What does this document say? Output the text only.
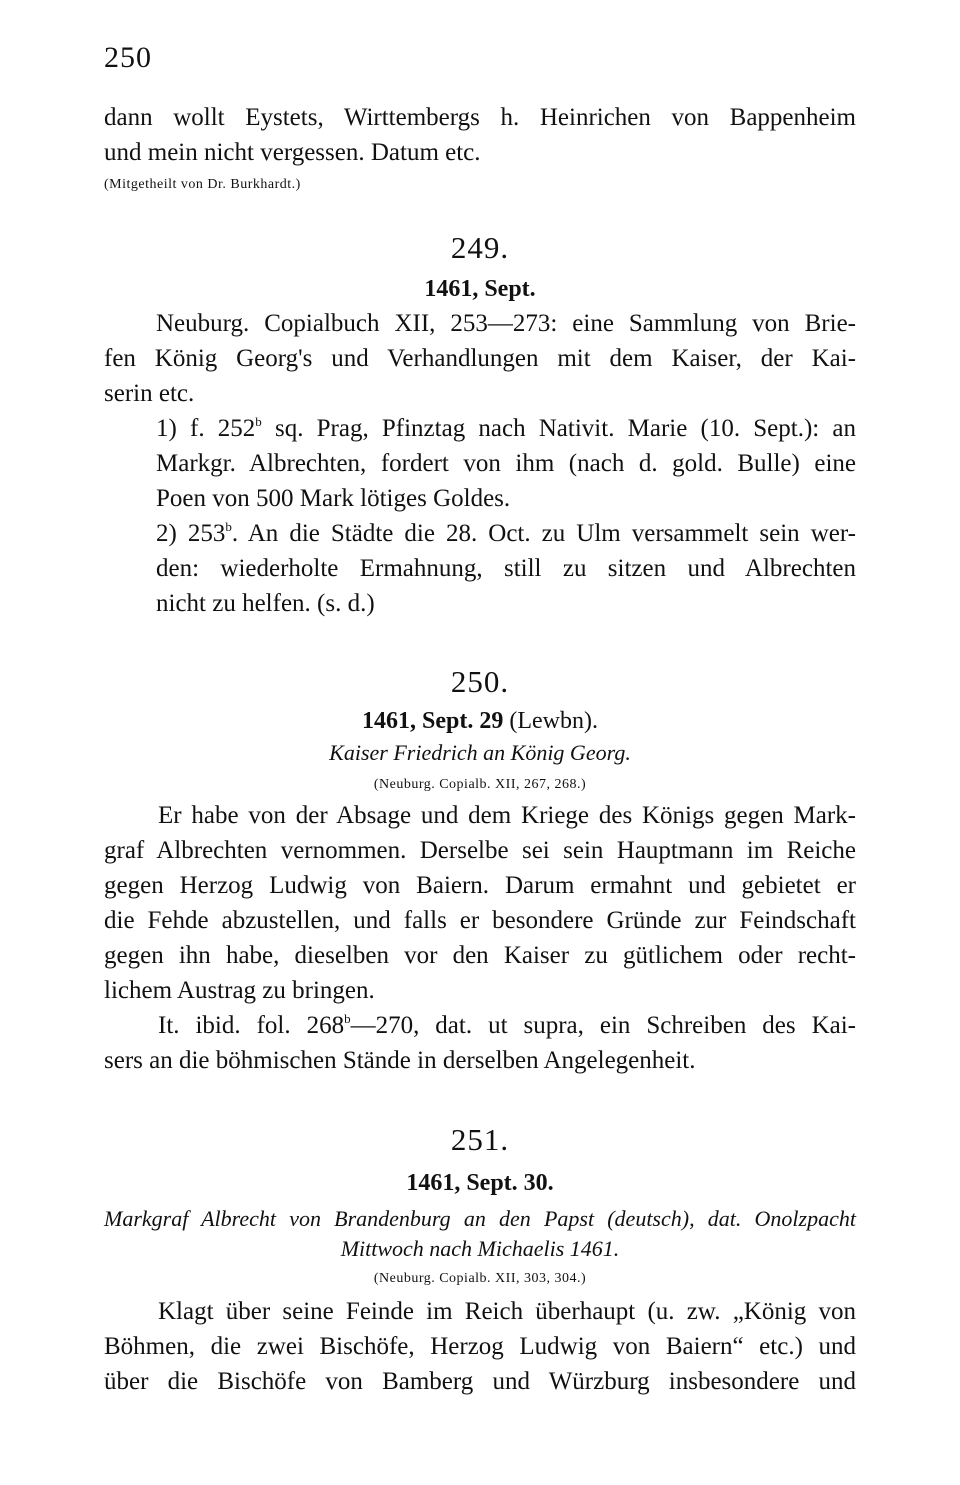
250
dann wollt Eystets, Wirttembergs h. Heinrichen von Bappenheim
und mein nicht vergessen. Datum etc.
(Mitgetheilt von Dr. Burkhardt.)
249.
1461, Sept.
Neuburg. Copialbuch XII, 253—273: eine Sammlung von Brie-
fen König Georg's und Verhandlungen mit dem Kaiser, der Kai-
serin etc.
1) f. 252$^b$ sq. Prag, Pfinztag nach Nativit. Marie (10. Sept.): an
Markgr. Albrechten, fordert von ihm (nach d. gold. Bulle) eine
Poen von 500 Mark lötiges Goldes.
2) 253$^b$. An die Städte die 28. Oct. zu Ulm versammelt sein wer-
den: wiederholte Ermahnung, still zu sitzen und Albrechten
nicht zu helfen. (s. d.)
250.
1461, Sept. 29 (Lewbn).
Kaiser Friedrich an König Georg.
(Neuburg. Copialb. XII, 267, 268.)
Er habe von der Absage und dem Kriege des Königs gegen Mark-
graf Albrechten vernommen. Derselbe sei sein Hauptmann im Reiche
gegen Herzog Ludwig von Baiern. Darum ermahnt und gebietet er
die Fehde abzustellen, und falls er besondere Gründe zur Feindschaft
gegen ihn habe, dieselben vor den Kaiser zu gütlichem oder recht-
lichem Austrag zu bringen.
It. ibid. fol. 268$^b$—270, dat. ut supra, ein Schreiben des Kai-
sers an die böhmischen Stände in derselben Angelegenheit.
251.
1461, Sept. 30.
Markgraf Albrecht von Brandenburg an den Papst (deutsch), dat. Onolzpacht
Mittwoch nach Michaelis 1461.
(Neuburg. Copialb. XII, 303, 304.)
Klagt über seine Feinde im Reich überhaupt (u. zw. „König von
Böhmen, die zwei Bischöfe, Herzog Ludwig von Baiern“ etc.) und
über die Bischöfe von Bamberg und Würzburg insbesondere und
